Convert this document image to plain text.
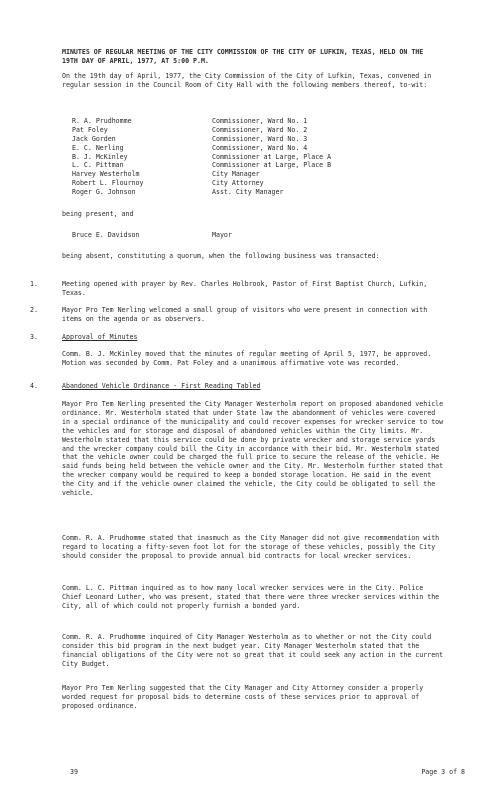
MINUTES OF REGULAR MEETING OF THE CITY COMMISSION OF THE CITY OF LUFKIN, TEXAS, HELD ON THE 19TH DAY OF APRIL, 1977, AT 5:00 P.M.

On the 19th day of April, 1977, the City Commission of the City of Lufkin, Texas, convened in regular session in the Council Room of City Hall with the following members thereof, to-wit:

R. A. Prudhomme	Commissioner, Ward No. 1
Pat Foley	Commissioner, Ward No. 2
Jack Gorden	Commissioner, Ward No. 3
E. C. Nerling	Commissioner, Ward No. 4
B. J. McKinley	Commissioner at Large, Place A
L. C. Pittman	Commissioner at Large, Place B
Harvey Westerholm	City Manager
Robert L. Flournoy	City Attorney
Roger G. Johnson	Asst. City Manager

being present, and

Bruce E. Davidson	Mayor

being absent, constituting a quorum, when the following business was transacted:

1.	Meeting opened with prayer by Rev. Charles Holbrook, Pastor of First Baptist Church, Lufkin, Texas.
2.	Mayor Pro Tem Nerling welcomed a small group of visitors who were present in connection with items on the agenda or as observers.
3.	Approval of Minutes

Comm. B. J. McKinley moved that the minutes of regular meeting of April 5, 1977, be approved. Motion was seconded by Comm. Pat Foley and a unanimous affirmative vote was recorded.

4.	Abandoned Vehicle Ordinance - First Reading Tabled

Mayor Pro Tem Nerling presented the City Manager Westerholm report on proposed abandoned vehicle ordinance. Mr. Westerholm stated that under State law the abandonment of vehicles were covered in a special ordinance of the municipality and could recover expenses for wrecker service to tow the vehicles and for storage and disposal of abandoned vehicles within the City limits. Mr. Westerholm stated that this service could be done by private wrecker and storage service yards and the wrecker company could bill the City in accordance with their bid. Mr. Westerholm stated that the vehicle owner could be charged the full price to secure the release of the vehicle. He said funds being held between the vehicle owner and the City. Mr. Westerholm further stated that the wrecker company would be required to keep a bonded storage location. He said in the event the City and if the vehicle owner claimed the vehicle, the City could be obligated to sell the vehicle.

Comm. R. A. Prudhomme stated that inasmuch as the City Manager did not give recommendation with regard to locating a fifty-seven foot lot for the storage of these vehicles, possibly the City should consider the proposal to provide annual bid contracts for local wrecker services.

Comm. L. C. Pittman inquired as to how many local wrecker services were in the City. Police Chief Leonard Luther, who was present, stated that there were three wrecker services within the City, all of which could not properly furnish a bonded yard.

Comm. R. A. Prudhomme inquired of City Manager Westerholm as to whether or not the City could consider this bid program in the next budget year. City Manager Westerholm stated that the financial obligations of the City were not so great that it could seek any action in the current City Budget.

Mayor Pro Tem Nerling suggested that the City Manager and City Attorney consider a properly worded request for proposal bids to determine costs of these services prior to approval of proposed ordinance.

39	Page 3 of 8
